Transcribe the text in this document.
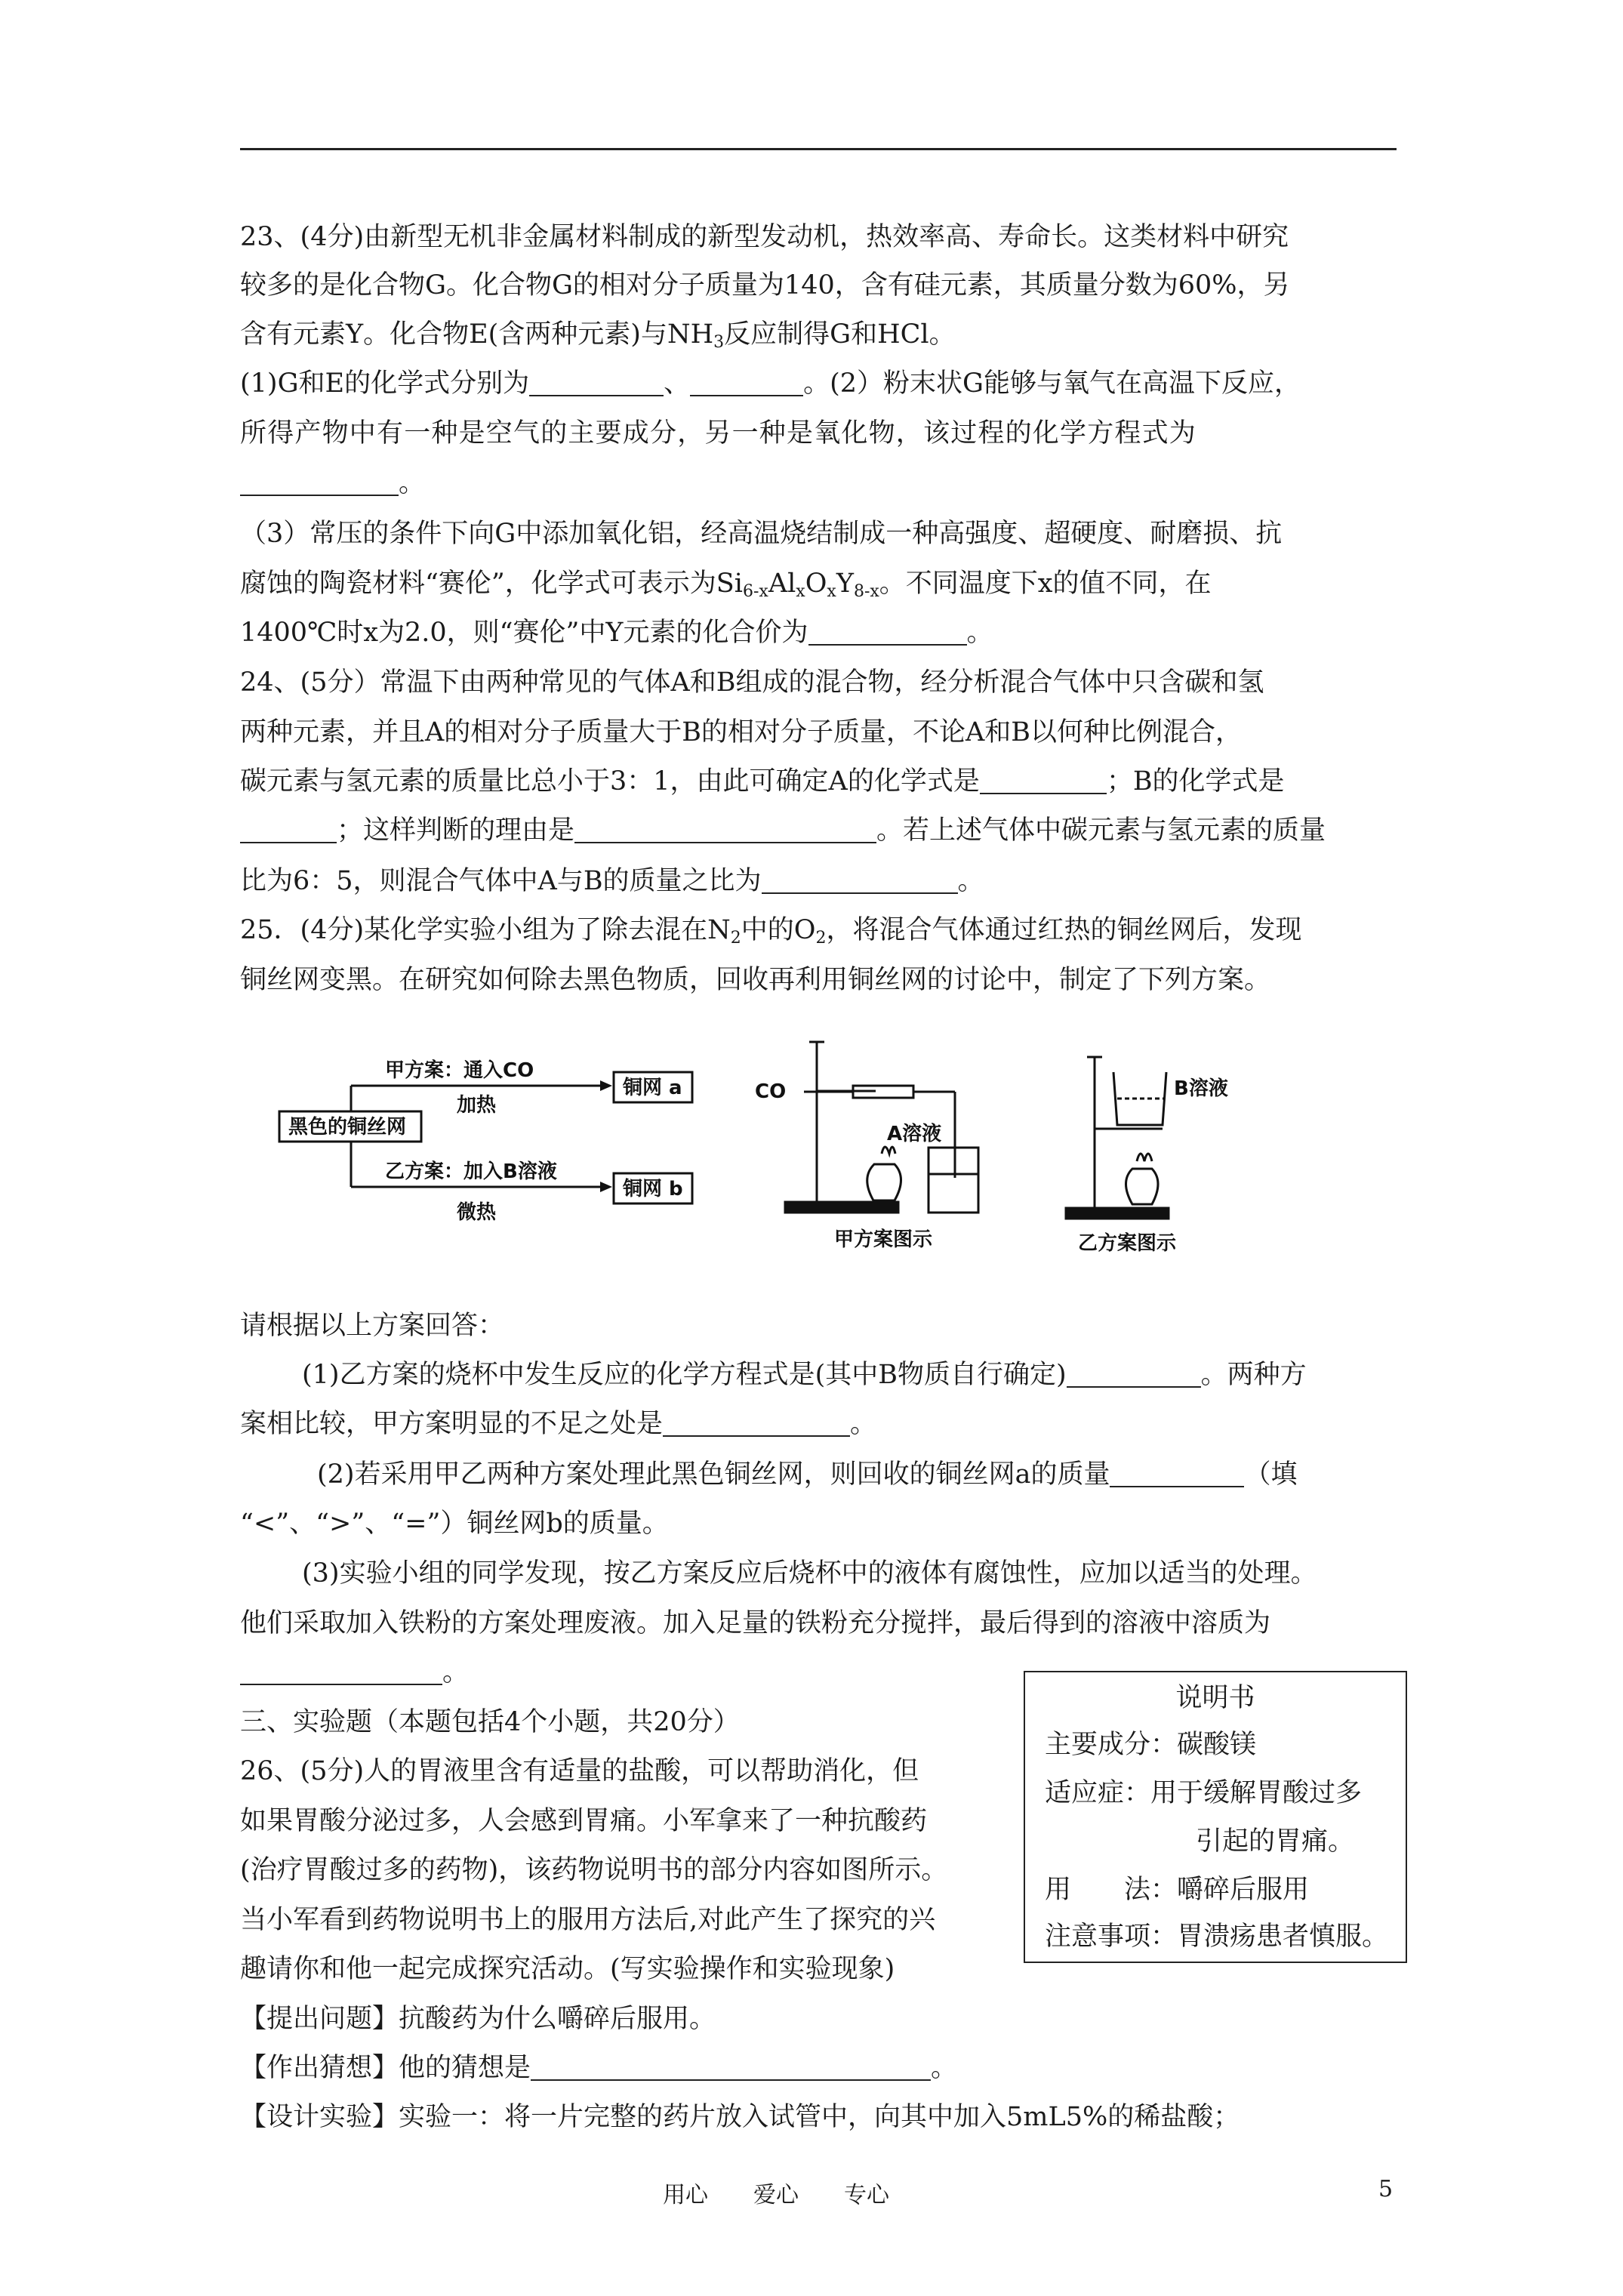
23、(4分)由新型无机非金属材料制成的新型发动机，热效率高、寿命长。这类材料中研究
较多的是化合物G。化合物G的相对分子质量为140，含有硅元素，其质量分数为60%，另
含有元素Y。化合物E(含两种元素)与$NH_3$反应制得G和HCl。
(1)G和E的化学式分别为	、	。(2）粉末状G能够与氧气在高温下反应，
所得产物中有一种是空气的主要成分，另一种是氧化物，该过程的化学方程式为
。
（3）常压的条件下向G中添加氧化铝，经高温烧结制成一种高强度、超硬度、耐磨损、抗
腐蚀的陶瓷材料“赛伦”，化学式可表示为$Si_{6-x}Al_xO_xY_{8-x}$。不同温度下x的值不同，在
1400℃时x为2.0，则“赛伦”中Y元素的化合价为	。
24、(5分）常温下由两种常见的气体A和B组成的混合物，经分析混合气体中只含碳和氢
两种元素，并且A的相对分子质量大于B的相对分子质量，不论A和B以何种比例混合，
碳元素与氢元素的质量比总小于3：1，由此可确定A的化学式是	；B的化学式是
；这样判断的理由是	。若上述气体中碳元素与氢元素的质量
比为6：5，则混合气体中A与B的质量之比为	。
25．(4分)某化学实验小组为了除去混在$N_2$中的$O_2$，将混合气体通过红热的铜丝网后，发现
铜丝网变黑。在研究如何除去黑色物质，回收再利用铜丝网的讨论中，制定了下列方案。
黑色的铜丝网
甲方案：通入CO
加热
乙方案：加入B溶液
微热
铜网 a
铜网 b
CO
A溶液
甲方案图示
B溶液
乙方案图示
请根据以上方案回答：
(1)乙方案的烧杯中发生反应的化学方程式是(其中B物质自行确定)	。两种方
案相比较，甲方案明显的不足之处是	。
(2)若采用甲乙两种方案处理此黑色铜丝网，则回收的铜丝网a的质量	（填
“<”、“>”、“=”）铜丝网b的质量。
(3)实验小组的同学发现，按乙方案反应后烧杯中的液体有腐蚀性，应加以适当的处理。
他们采取加入铁粉的方案处理废液。加入足量的铁粉充分搅拌，最后得到的溶液中溶质为
。
三、实验题（本题包括4个小题，共20分）
26、(5分)人的胃液里含有适量的盐酸，可以帮助消化，但
如果胃酸分泌过多，人会感到胃痛。小军拿来了一种抗酸药
(治疗胃酸过多的药物)，该药物说明书的部分内容如图所示。
当小军看到药物说明书上的服用方法后,对此产生了探究的兴
趣请你和他一起完成探究活动。(写实验操作和实验现象)
【提出问题】抗酸药为什么嚼碎后服用。
【作出猜想】他的猜想是	。
【设计实验】实验一：将一片完整的药片放入试管中，向其中加入5mL5%的稀盐酸；
说明书
主要成分：碳酸镁
适应症：用于缓解胃酸过多
引起的胃痛。
用　　法：嚼碎后服用
注意事项：胃溃疡患者慎服。
用心　　爱心　　专心	5
